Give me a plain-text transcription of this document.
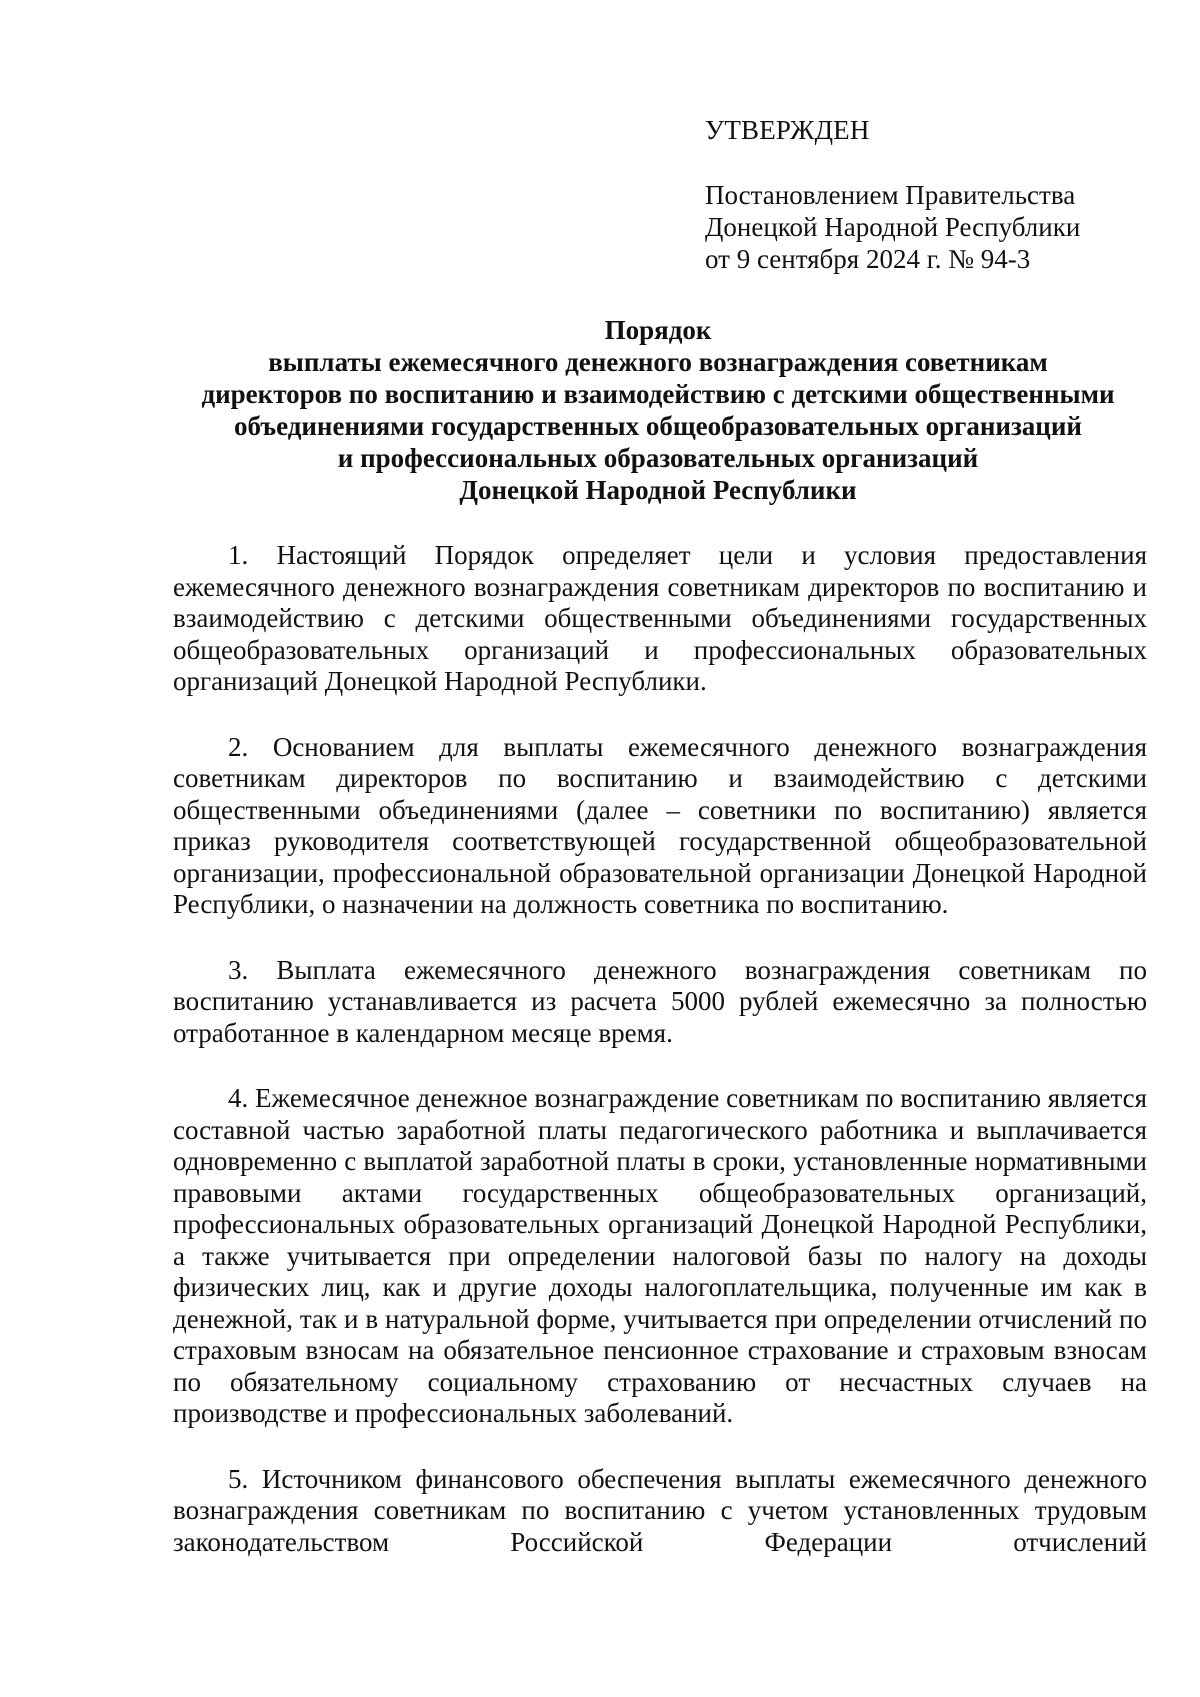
УТВЕРЖДЕН
Постановлением Правительства
Донецкой Народной Республики
от 9 сентября 2024 г. № 94-3
Порядок
выплаты ежемесячного денежного вознаграждения советникам
директоров по воспитанию и взаимодействию с детскими общественными
объединениями государственных общеобразовательных организаций
и профессиональных образовательных организаций
Донецкой Народной Республики

1. Настоящий Порядок определяет цели и условия предоставления ежемесячного денежного вознаграждения советникам директоров по воспитанию и взаимодействию с детскими общественными объединениями государственных общеобразовательных организаций и профессиональных образовательных организаций Донецкой Народной Республики.

2. Основанием для выплаты ежемесячного денежного вознаграждения советникам директоров по воспитанию и взаимодействию с детскими общественными объединениями (далее – советники по воспитанию) является приказ руководителя соответствующей государственной общеобразовательной организации, профессиональной образовательной организации Донецкой Народной Республики, о назначении на должность советника по воспитанию.

3. Выплата ежемесячного денежного вознаграждения советникам по воспитанию устанавливается из расчета 5000 рублей ежемесячно за полностью отработанное в календарном месяце время.

4. Ежемесячное денежное вознаграждение советникам по воспитанию является составной частью заработной платы педагогического работника и выплачивается одновременно с выплатой заработной платы в сроки, установленные нормативными правовыми актами государственных общеобразовательных организаций, профессиональных образовательных организаций Донецкой Народной Республики, а также учитывается при определении налоговой базы по налогу на доходы физических лиц, как и другие доходы налогоплательщика, полученные им как в денежной, так и в натуральной форме, учитывается при определении отчислений по страховым взносам на обязательное пенсионное страхование и страховым взносам по обязательному социальному страхованию от несчастных случаев на производстве и профессиональных заболеваний.

5. Источником финансового обеспечения выплаты ежемесячного денежного вознаграждения советникам по воспитанию с учетом установленных трудовым законодательством Российской Федерации отчислений
